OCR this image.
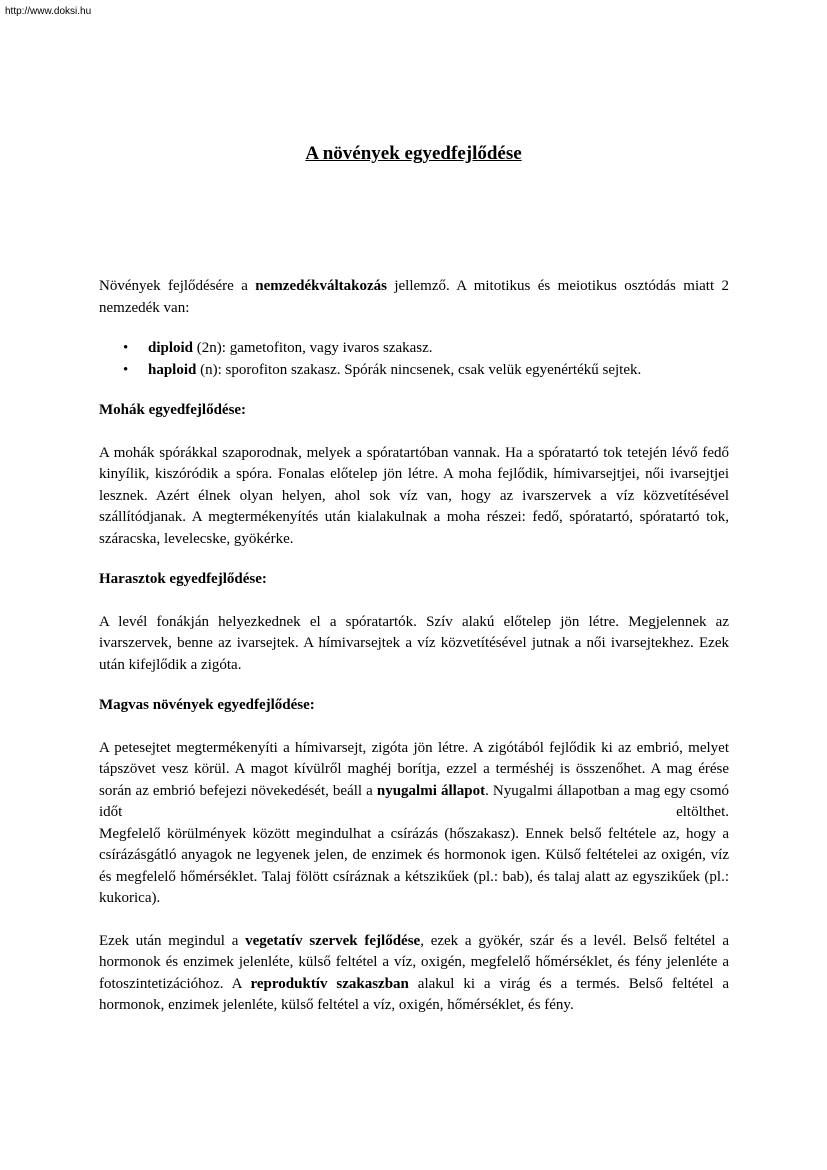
http://www.doksi.hu
A növények egyedfejlődése

Növények fejlődésére a nemzedékváltakozás jellemző. A mitotikus és meiotikus osztódás miatt 2 nemzedék van:

• diploid (2n): gametofiton, vagy ivaros szakasz.
• haploid (n): sporofiton szakasz. Spórák nincsenek, csak velük egyenértékű sejtek.
Mohák egyedfejlődése:

A mohák spórákkal szaporodnak, melyek a spóratartóban vannak. Ha a spóratartó tok tetején lévő fedő kinyílik, kiszóródik a spóra. Fonalas előtelep jön létre. A moha fejlődik, hímivarsejtjei, női ivarsejtjei lesznek. Azért élnek olyan helyen, ahol sok víz van, hogy az ivarszervek a víz közvetítésével szállítódjanak. A megtermékenyítés után kialakulnak a moha részei: fedő, spóratartó, spóratartó tok, száracska, levelecske, gyökérke.

Harasztok egyedfejlődése:

A levél fonákján helyezkednek el a spóratartók. Szív alakú előtelep jön létre. Megjelennek az ivarszervek, benne az ivarsejtek. A hímivarsejtek a víz közvetítésével jutnak a női ivarsejtekhez. Ezek után kifejlődik a zigóta.

Magvas növények egyedfejlődése:

A petesejtet megtermékenyíti a hímivarsejt, zigóta jön létre. A zigótából fejlődik ki az embrió, melyet tápszövet vesz körül. A magot kívülről maghéj borítja, ezzel a terméshéj is összenőhet. A mag érése során az embrió befejezi növekedését, beáll a nyugalmi állapot. Nyugalmi állapotban a mag egy csomó időt eltölthet.

Megfelelő körülmények között megindulhat a csírázás (hőszakasz). Ennek belső feltétele az, hogy a csírázásgátló anyagok ne legyenek jelen, de enzimek és hormonok igen. Külső feltételei az oxigén, víz és megfelelő hőmérséklet. Talaj fölött csíráznak a kétszikűek (pl.: bab), és talaj alatt az egyszikűek (pl.: kukorica).

Ezek után megindul a vegetatív szervek fejlődése, ezek a gyökér, szár és a levél. Belső feltétel a hormonok és enzimek jelenléte, külső feltétel a víz, oxigén, megfelelő hőmérséklet, és fény jelenléte a fotoszintetizációhoz. A reproduktív szakaszban alakul ki a virág és a termés. Belső feltétel a hormonok, enzimek jelenléte, külső feltétel a víz, oxigén, hőmérséklet, és fény.
